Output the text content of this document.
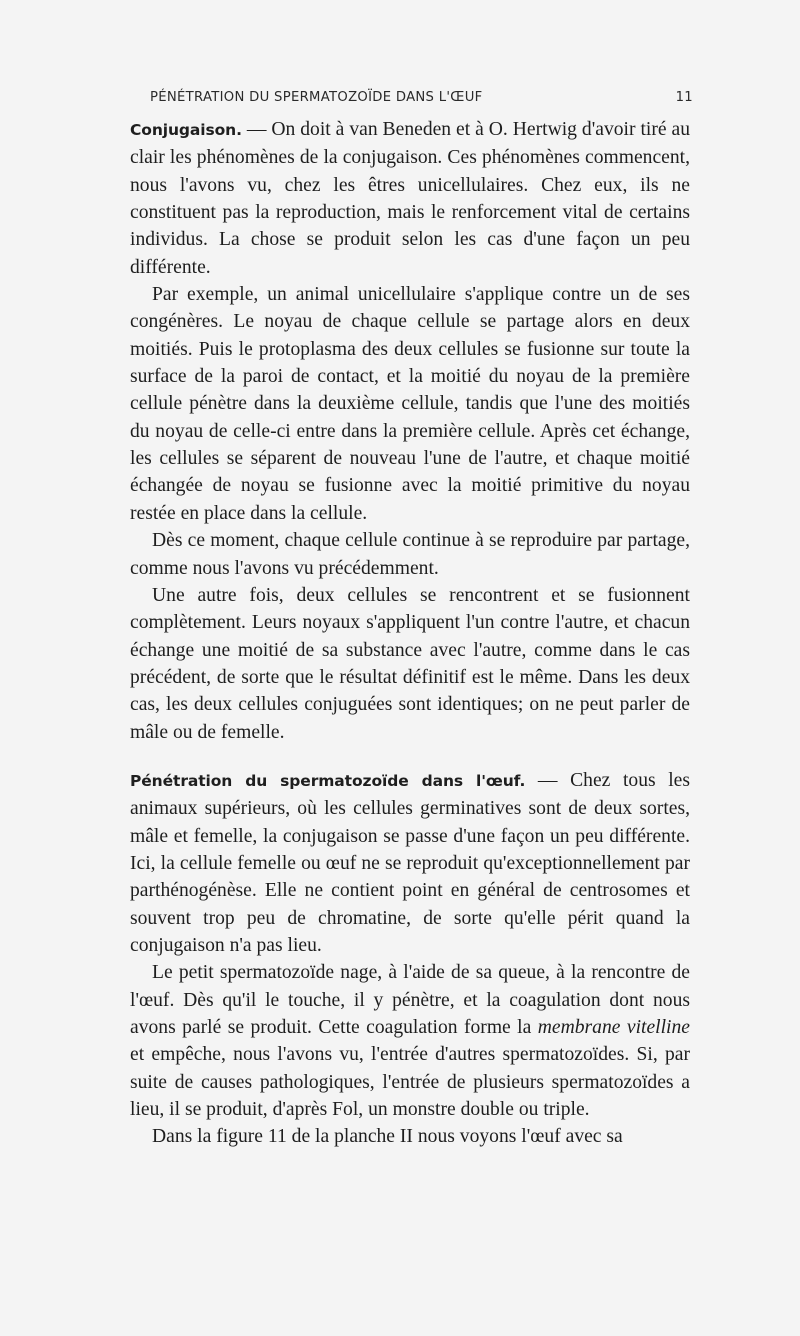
PÉNÉTRATION DU SPERMATOZOÏDE DANS L'ŒUF	11

Conjugaison. — On doit à van Beneden et à O. Hertwig d'avoir tiré au clair les phénomènes de la conjugaison. Ces phénomènes commencent, nous l'avons vu, chez les êtres unicellulaires. Chez eux, ils ne constituent pas la reproduction, mais le renforcement vital de certains individus. La chose se produit selon les cas d'une façon un peu différente.

Par exemple, un animal unicellulaire s'applique contre un de ses congénères. Le noyau de chaque cellule se partage alors en deux moitiés. Puis le protoplasma des deux cellules se fusionne sur toute la surface de la paroi de contact, et la moitié du noyau de la première cellule pénètre dans la deuxième cellule, tandis que l'une des moitiés du noyau de celle-ci entre dans la première cellule. Après cet échange, les cellules se séparent de nouveau l'une de l'autre, et chaque moitié échangée de noyau se fusionne avec la moitié primitive du noyau restée en place dans la cellule.

Dès ce moment, chaque cellule continue à se reproduire par partage, comme nous l'avons vu précédemment.

Une autre fois, deux cellules se rencontrent et se fusionnent complètement. Leurs noyaux s'appliquent l'un contre l'autre, et chacun échange une moitié de sa substance avec l'autre, comme dans le cas précédent, de sorte que le résultat définitif est le même. Dans les deux cas, les deux cellules conjuguées sont identiques; on ne peut parler de mâle ou de femelle.

Pénétration du spermatozoïde dans l'œuf. — Chez tous les animaux supérieurs, où les cellules germinatives sont de deux sortes, mâle et femelle, la conjugaison se passe d'une façon un peu différente. Ici, la cellule femelle ou œuf ne se reproduit qu'exceptionnellement par parthénogénèse. Elle ne contient point en général de centrosomes et souvent trop peu de chromatine, de sorte qu'elle périt quand la conjugaison n'a pas lieu.

Le petit spermatozoïde nage, à l'aide de sa queue, à la rencontre de l'œuf. Dès qu'il le touche, il y pénètre, et la coagulation dont nous avons parlé se produit. Cette coagulation forme la membrane vitelline et empêche, nous l'avons vu, l'entrée d'autres spermatozoïdes. Si, par suite de causes pathologiques, l'entrée de plusieurs spermatozoïdes a lieu, il se produit, d'après Fol, un monstre double ou triple.

Dans la figure 11 de la planche II nous voyons l'œuf avec sa
